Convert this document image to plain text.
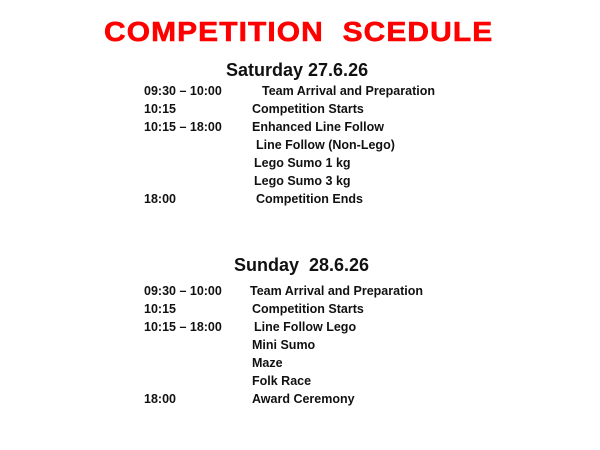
COMPETITION  SCEDULE
Saturday 27.6.26
09:30 – 10:00	Team Arrival and Preparation
10:15	Competition Starts
10:15 – 18:00 Enhanced Line Follow
Line Follow (Non-Lego)
Lego Sumo 1 kg
Lego Sumo 3 kg
18:00	Competition Ends
Sunday  28.6.26
09:30 – 10:00 Team Arrival and Preparation
10:15	Competition Starts
10:15 – 18:00	Line Follow Lego
Mini Sumo
Maze
Folk Race
18:00	Award Ceremony
